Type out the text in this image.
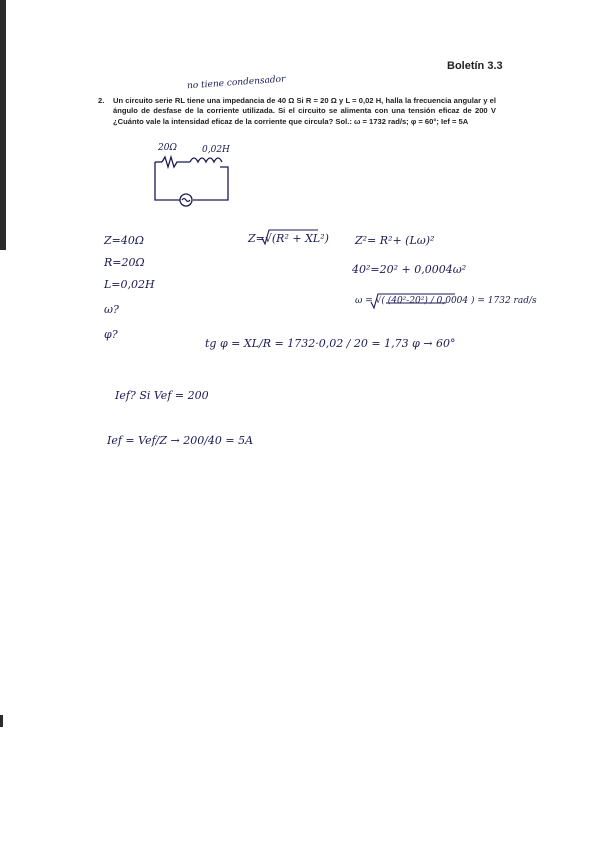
Boletín 3.3
2. Un circuito serie RL tiene una impedancia de 40 Ω Si R = 20 Ω y L = 0,02 H, halla la frecuencia angular y el ángulo de desfase de la corriente utilizada. Si el circuito se alimenta con una tensión eficaz de 200 V ¿Cuánto vale la intensidad eficaz de la corriente que circula? Sol.: ω = 1732 rad/s; φ = 60°; Ief = 5A
no tiene condensador
20Ω	0,02H
Z=40Ω
R=20Ω
L=0,02H
ω?
φ?
Z=√(R² + XL²) Z²= R²+ (Lω)²
40²=20² + 0,0004ω²
ω = √( (40²-20²) / 0,0004 ) = 1732 rad/s
tg φ = XL/R = 1732·0,02 / 20 = 1,73 φ → 60°
Ief? Si Vef = 200
Ief = Vef/Z → 200/40 = 5A
